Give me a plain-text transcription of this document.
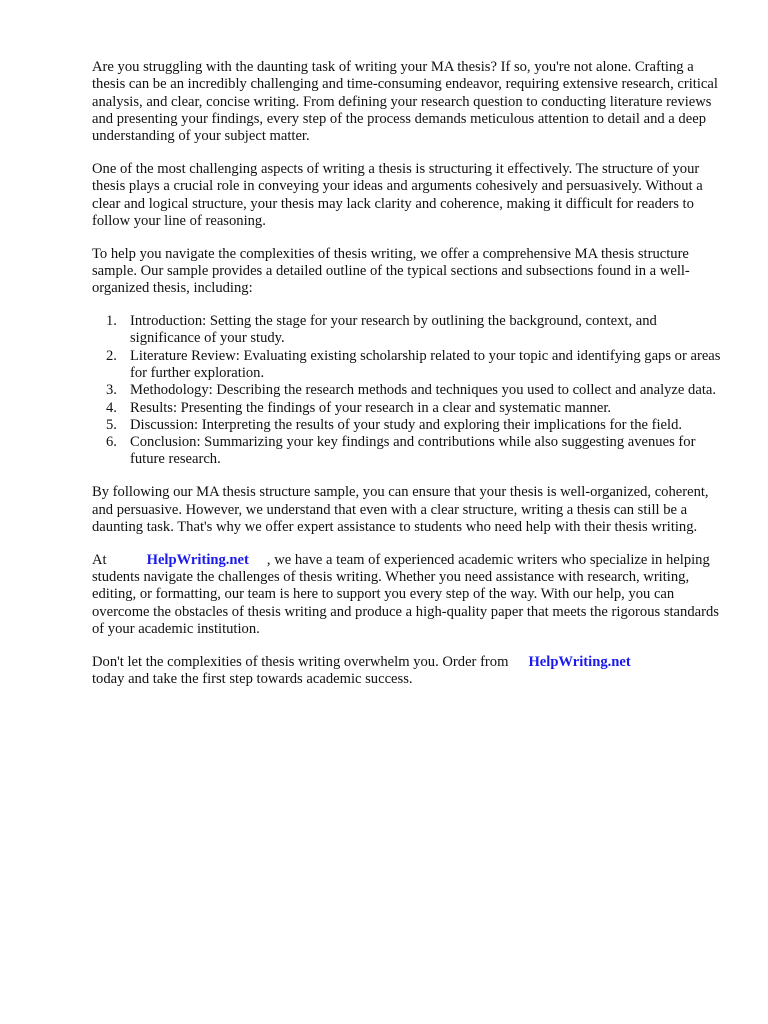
Are you struggling with the daunting task of writing your MA thesis? If so, you're not alone. Crafting a thesis can be an incredibly challenging and time-consuming endeavor, requiring extensive research, critical analysis, and clear, concise writing. From defining your research question to conducting literature reviews and presenting your findings, every step of the process demands meticulous attention to detail and a deep understanding of your subject matter.

One of the most challenging aspects of writing a thesis is structuring it effectively. The structure of your thesis plays a crucial role in conveying your ideas and arguments cohesively and persuasively. Without a clear and logical structure, your thesis may lack clarity and coherence, making it difficult for readers to follow your line of reasoning.

To help you navigate the complexities of thesis writing, we offer a comprehensive MA thesis structure sample. Our sample provides a detailed outline of the typical sections and subsections found in a well-organized thesis, including:

1. Introduction: Setting the stage for your research by outlining the background, context, and significance of your study.
2. Literature Review: Evaluating existing scholarship related to your topic and identifying gaps or areas for further exploration.
3. Methodology: Describing the research methods and techniques you used to collect and analyze data.
4. Results: Presenting the findings of your research in a clear and systematic manner.
5. Discussion: Interpreting the results of your study and exploring their implications for the field.
6. Conclusion: Summarizing your key findings and contributions while also suggesting avenues for future research.

By following our MA thesis structure sample, you can ensure that your thesis is well-organized, coherent, and persuasive. However, we understand that even with a clear structure, writing a thesis can still be a daunting task. That's why we offer expert assistance to students who need help with their thesis writing.

At	HelpWriting.net , we have a team of experienced academic writers who specialize in helping students navigate the challenges of thesis writing. Whether you need assistance with research, writing, editing, or formatting, our team is here to support you every step of the way. With our help, you can overcome the obstacles of thesis writing and produce a high-quality paper that meets the rigorous standards of your academic institution.

Don't let the complexities of thesis writing overwhelm you. Order from HelpWriting.net
today and take the first step towards academic success.
